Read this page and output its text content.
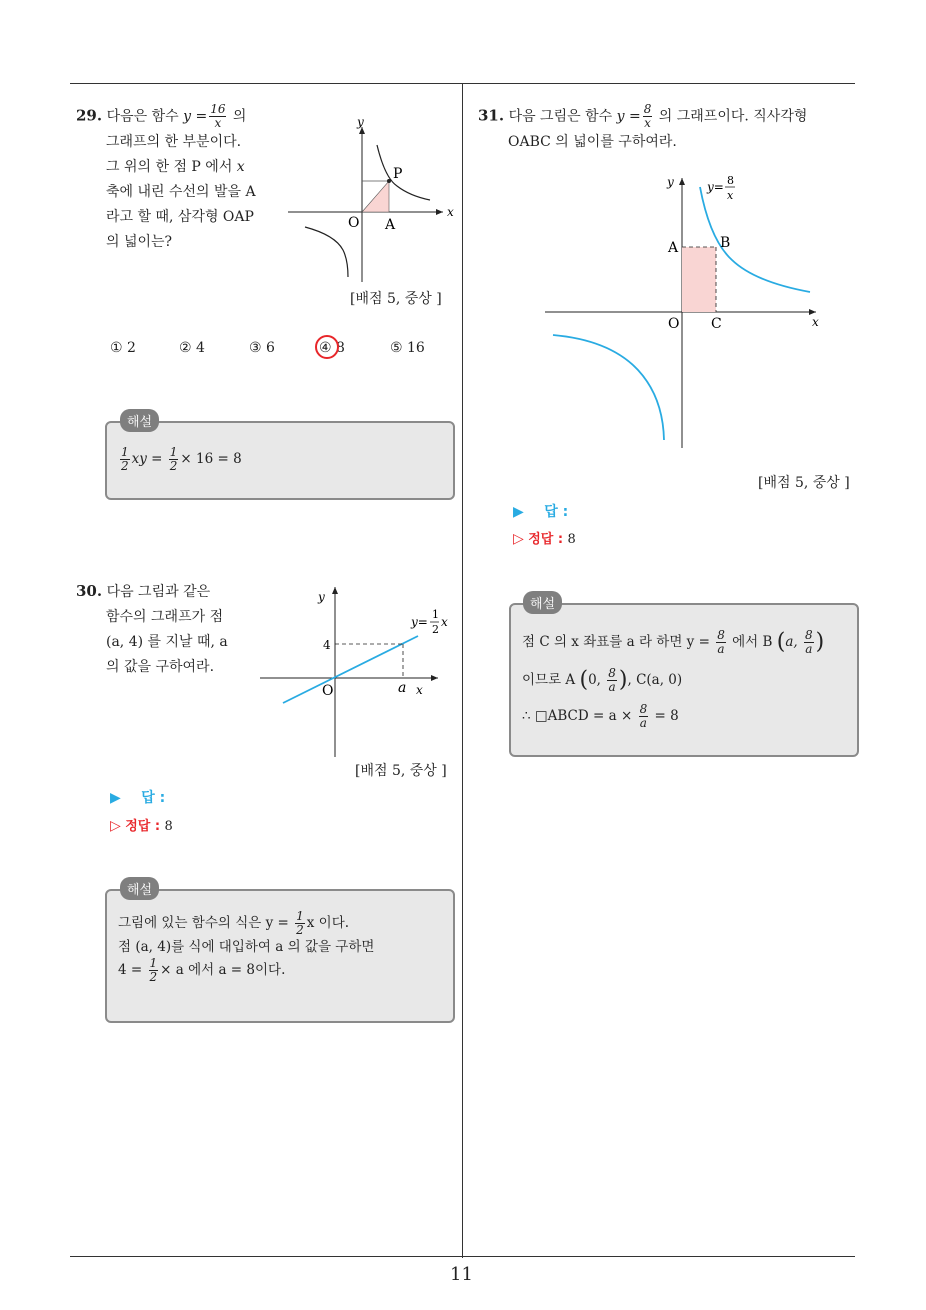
11
29. 다음은 함수 $y = \frac{16}{x}$ 의
그래프의 한 부분이다.
그 위의 한 점 P 에서 x
축에 내린 수선의 발을 A
라고 할 때, 삼각형 OAP
의 넓이는?
y
x
O A
P
[배점 5, 중상 ]
① 2	② 4	③ 6	④ 8	⑤ 16
해설
$\frac{1}{2}$ xy = $\frac{1}{2} \times 16 = 8$
30. 다음 그림과 같은
함수의 그래프가 점
(a, 4) 를 지날 때, a
의 값을 구하여라.
y
x
O
4
a
y=
1
2
x
[배점 5, 중상 ]
▶ 답 :
▷ 정답 : 8
해설
그림에 있는 함수의 식은 $y = \frac{1}{2}$ x 이다.
점 (a, 4)를 식에 대입하여 a 의 값을 구하면
$4 = \frac{1}{2} \times a$ 에서 a = 8이다.
31. 다음 그림은 함수 $y = \frac{8}{x}$ 의 그래프이다. 직사각형
OABC 의 넓이를 구하여라.
y
x
O
A	B
C
y= 8
x
[배점 5, 중상 ]
▶ 답 :
▷ 정답 : 8
해설
점 C 의 x 좌표를 a 라 하면 $y = \frac{8}{a}$ 에서 B (a, $\frac{8}{a}$ )
이므로 A (0, $\frac{8}{a}$ ), C(a, 0)
∴ □ABCD = $a \times \frac{8}{a} = 8$
